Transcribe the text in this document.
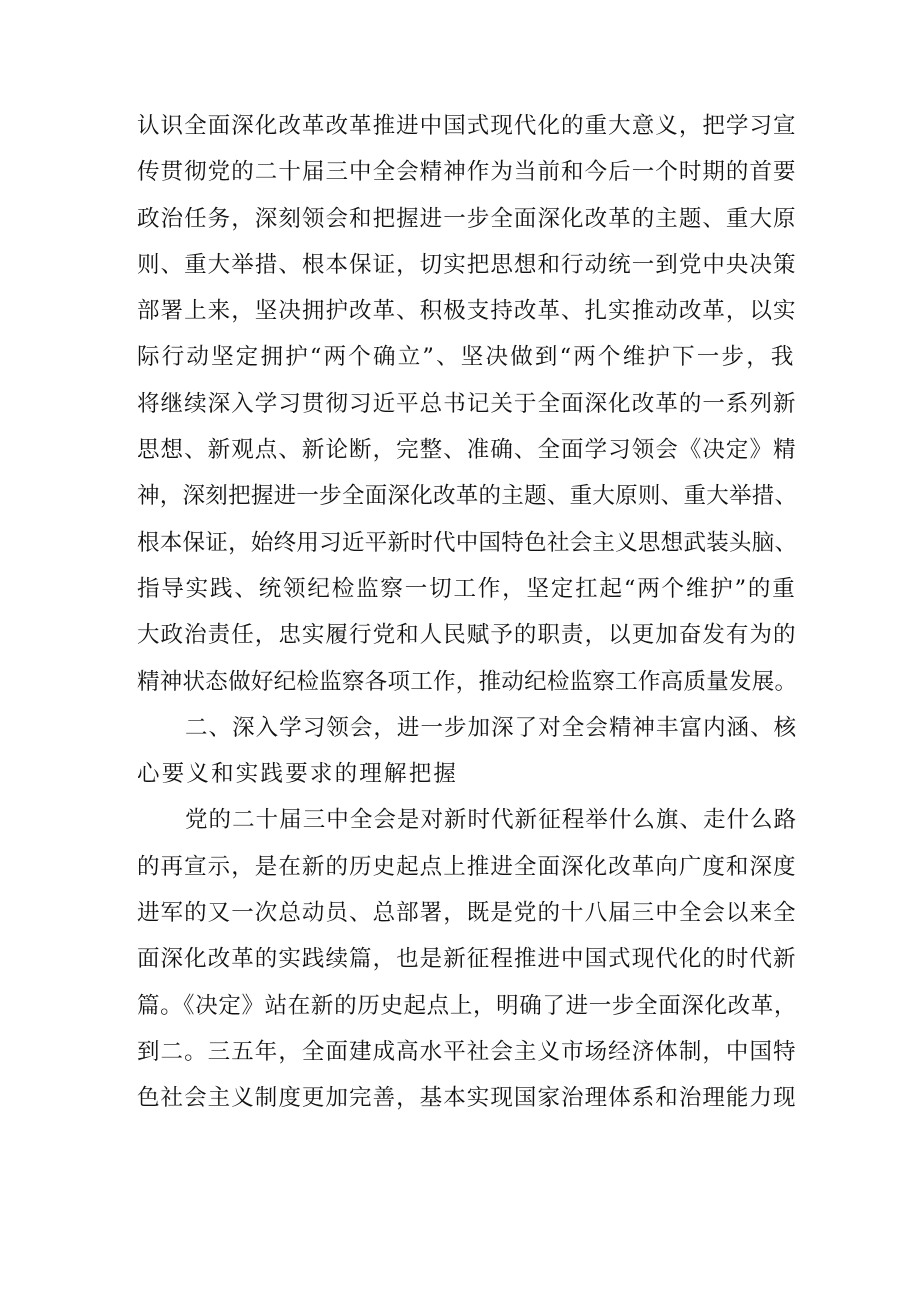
认识全面深化改革改革推进中国式现代化的重大意义，把学习宣
传贯彻党的二十届三中全会精神作为当前和今后一个时期的首要
政治任务，深刻领会和把握进一步全面深化改革的主题、重大原
则、重大举措、根本保证，切实把思想和行动统一到党中央决策
部署上来，坚决拥护改革、积极支持改革、扎实推动改革，以实
际行动坚定拥护“两个确立”、坚决做到“两个维护下一步，我
将继续深入学习贯彻习近平总书记关于全面深化改革的一系列新
思想、新观点、新论断，完整、准确、全面学习领会《决定》精
神，深刻把握进一步全面深化改革的主题、重大原则、重大举措、
根本保证，始终用习近平新时代中国特色社会主义思想武装头脑、
指导实践、统领纪检监察一切工作，坚定扛起“两个维护”的重
大政治责任，忠实履行党和人民赋予的职责，以更加奋发有为的
精神状态做好纪检监察各项工作，推动纪检监察工作高质量发展。
二、深入学习领会，进一步加深了对全会精神丰富内涵、核
心要义和实践要求的理解把握
党的二十届三中全会是对新时代新征程举什么旗、走什么路
的再宣示，是在新的历史起点上推进全面深化改革向广度和深度
进军的又一次总动员、总部署，既是党的十八届三中全会以来全
面深化改革的实践续篇，也是新征程推进中国式现代化的时代新
篇。《决定》站在新的历史起点上，明确了进一步全面深化改革，
到二。三五年，全面建成高水平社会主义市场经济体制，中国特
色社会主义制度更加完善，基本实现国家治理体系和治理能力现
